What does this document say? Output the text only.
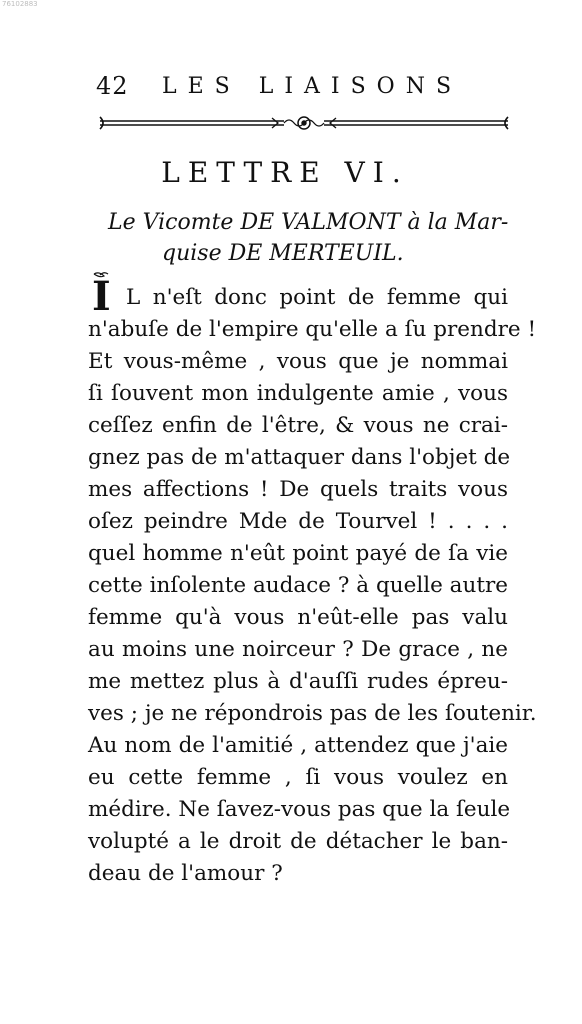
76102883
42 LES LIAISONS
LETTRE VI.
Le Vicomte DE VALMONT à la Mar-
quise DE MERTEUIL.
I L n'eſt donc point de femme qui
n'abuſe de l'empire qu'elle a ſu prendre !
Et vous-même , vous que je nommai
ſi ſouvent mon indulgente amie , vous
ceſſez enfin de l'être, & vous ne crai-
gnez pas de m'attaquer dans l'objet de
mes affections ! De quels traits vous
oſez peindre Mde de Tourvel ! . . . .
quel homme n'eût point payé de ſa vie
cette inſolente audace ? à quelle autre
femme qu'à vous n'eût-elle pas valu
au moins une noirceur ? De grace , ne
me mettez plus à d'auſſi rudes épreu-
ves ; je ne répondrois pas de les ſoutenir.
Au nom de l'amitié , attendez que j'aie
eu cette femme , ſi vous voulez en
médire. Ne ſavez-vous pas que la ſeule
volupté a le droit de détacher le ban-
deau de l'amour ?
